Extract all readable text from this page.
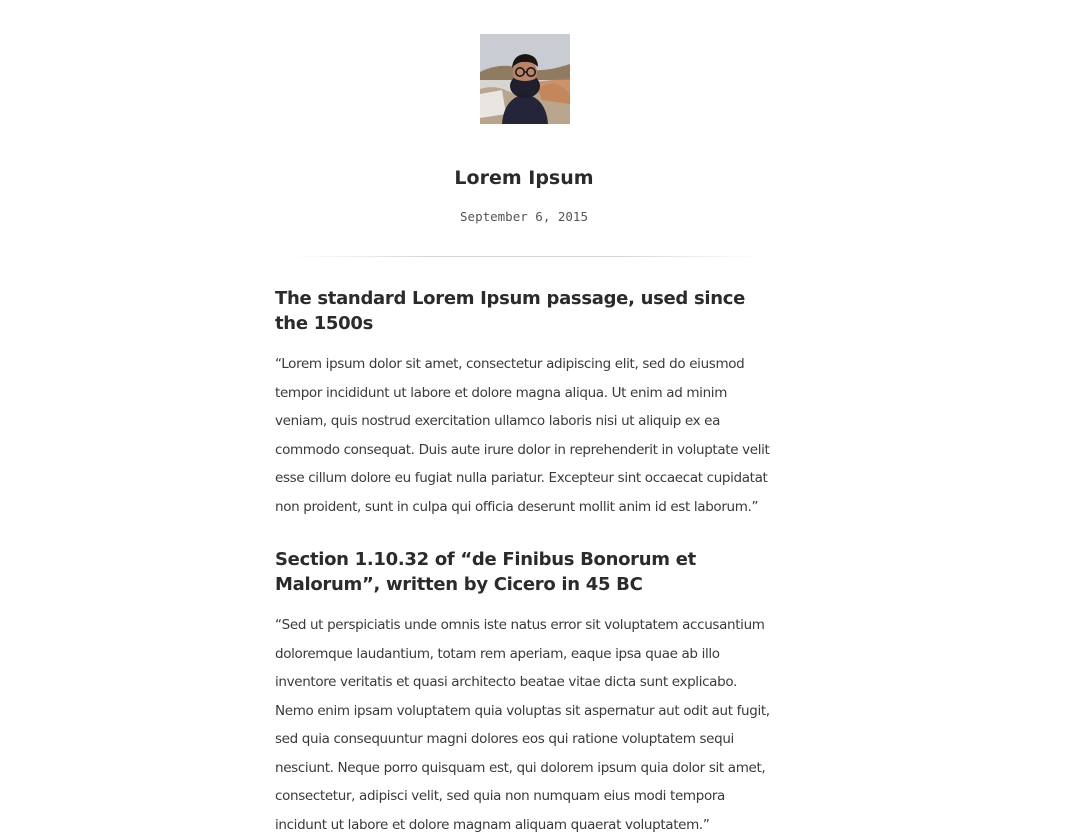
Lorem Ipsum
September 6, 2015
The standard Lorem Ipsum passage, used since the 1500s

“Lorem ipsum dolor sit amet, consectetur adipiscing elit, sed do eiusmod tempor incididunt ut labore et dolore magna aliqua. Ut enim ad minim veniam, quis nostrud exercitation ullamco laboris nisi ut aliquip ex ea commodo consequat. Duis aute irure dolor in reprehenderit in voluptate velit esse cillum dolore eu fugiat nulla pariatur. Excepteur sint occaecat cupidatat non proident, sunt in culpa qui officia deserunt mollit anim id est laborum.”

Section 1.10.32 of “de Finibus Bonorum et Malorum”, written by Cicero in 45 BC

“Sed ut perspiciatis unde omnis iste natus error sit voluptatem accusantium doloremque laudantium, totam rem aperiam, eaque ipsa quae ab illo inventore veritatis et quasi architecto beatae vitae dicta sunt explicabo. Nemo enim ipsam voluptatem quia voluptas sit aspernatur aut odit aut fugit, sed quia consequuntur magni dolores eos qui ratione voluptatem sequi nesciunt. Neque porro quisquam est, qui dolorem ipsum quia dolor sit amet, consectetur, adipisci velit, sed quia non numquam eius modi tempora incidunt ut labore et dolore magnam aliquam quaerat voluptatem.”
